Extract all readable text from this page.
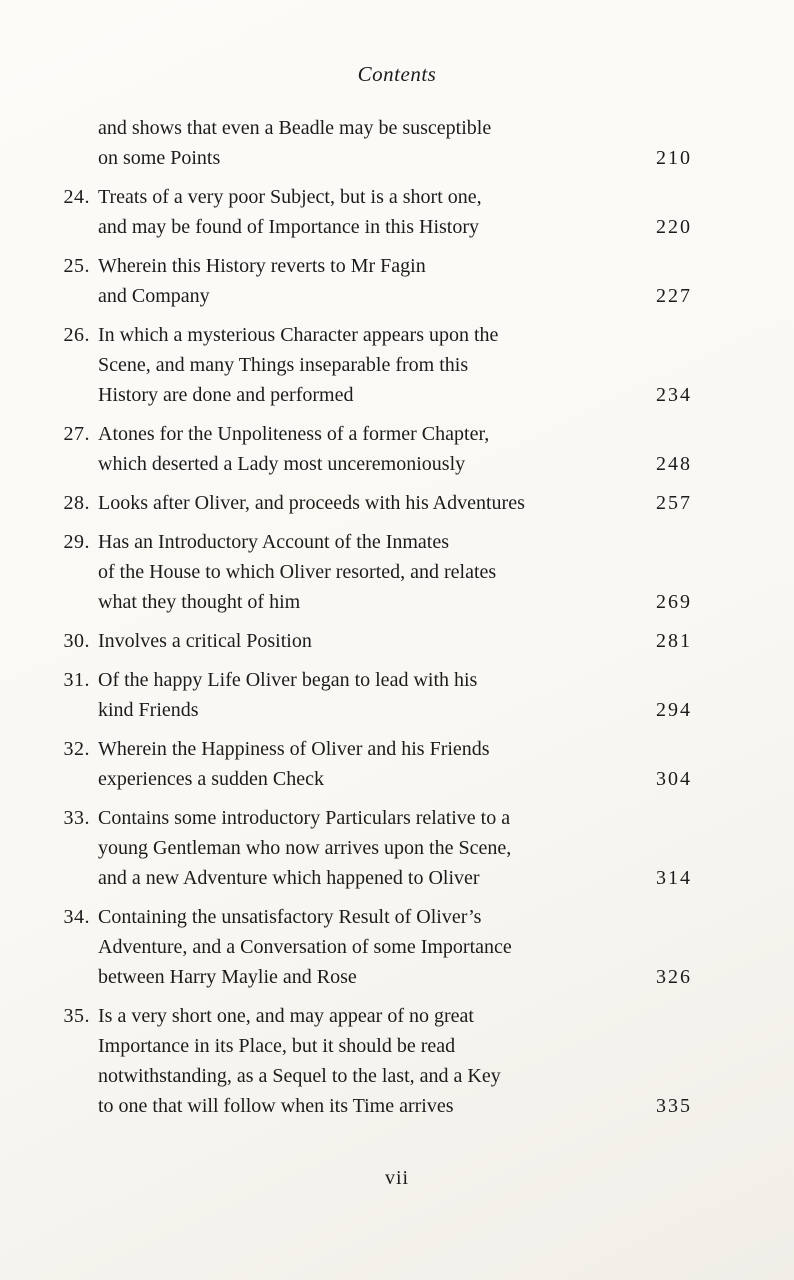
Contents
and shows that even a Beadle may be susceptible
on some Points	210
24. Treats of a very poor Subject, but is a short one,
and may be found of Importance in this History	220
25. Wherein this History reverts to Mr Fagin
and Company	227
26. In which a mysterious Character appears upon the
Scene, and many Things inseparable from this
History are done and performed	234
27. Atones for the Unpoliteness of a former Chapter,
which deserted a Lady most unceremoniously	248
28. Looks after Oliver, and proceeds with his Adventures	257
29. Has an Introductory Account of the Inmates
of the House to which Oliver resorted, and relates
what they thought of him	269
30. Involves a critical Position	281
31. Of the happy Life Oliver began to lead with his
kind Friends	294
32. Wherein the Happiness of Oliver and his Friends
experiences a sudden Check	304
33. Contains some introductory Particulars relative to a
young Gentleman who now arrives upon the Scene,
and a new Adventure which happened to Oliver	314
34. Containing the unsatisfactory Result of Oliver’s
Adventure, and a Conversation of some Importance
between Harry Maylie and Rose	326
35. Is a very short one, and may appear of no great
Importance in its Place, but it should be read
notwithstanding, as a Sequel to the last, and a Key
to one that will follow when its Time arrives	335
vii
